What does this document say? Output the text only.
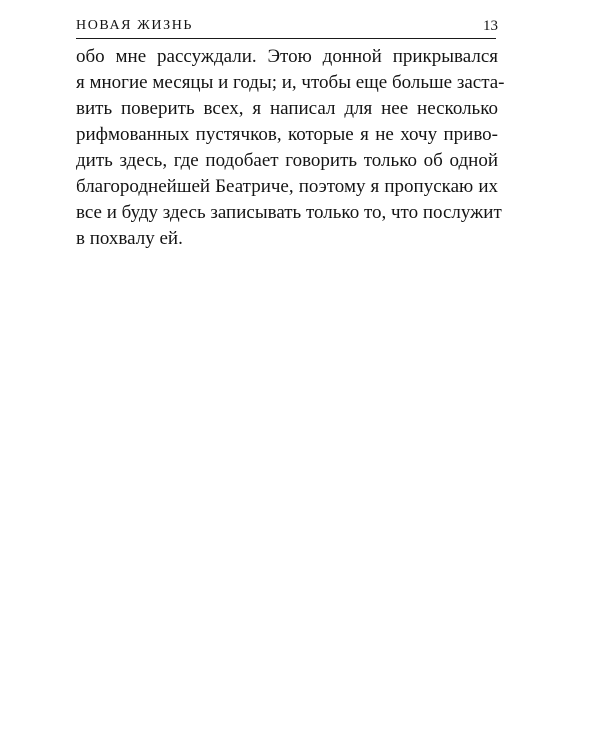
НОВАЯ ЖИЗНЬ	13

обо мне рассуждали. Этою донной прикрывался
я многие месяцы и годы; и, чтобы еще больше заста-
вить поверить всех, я написал для нее несколько
рифмованных пустячков, которые я не хочу приво-
дить здесь, где подобает говорить только об одной
благороднейшей Беатриче, поэтому я пропускаю их
все и буду здесь записывать только то, что послужит
в похвалу ей.
